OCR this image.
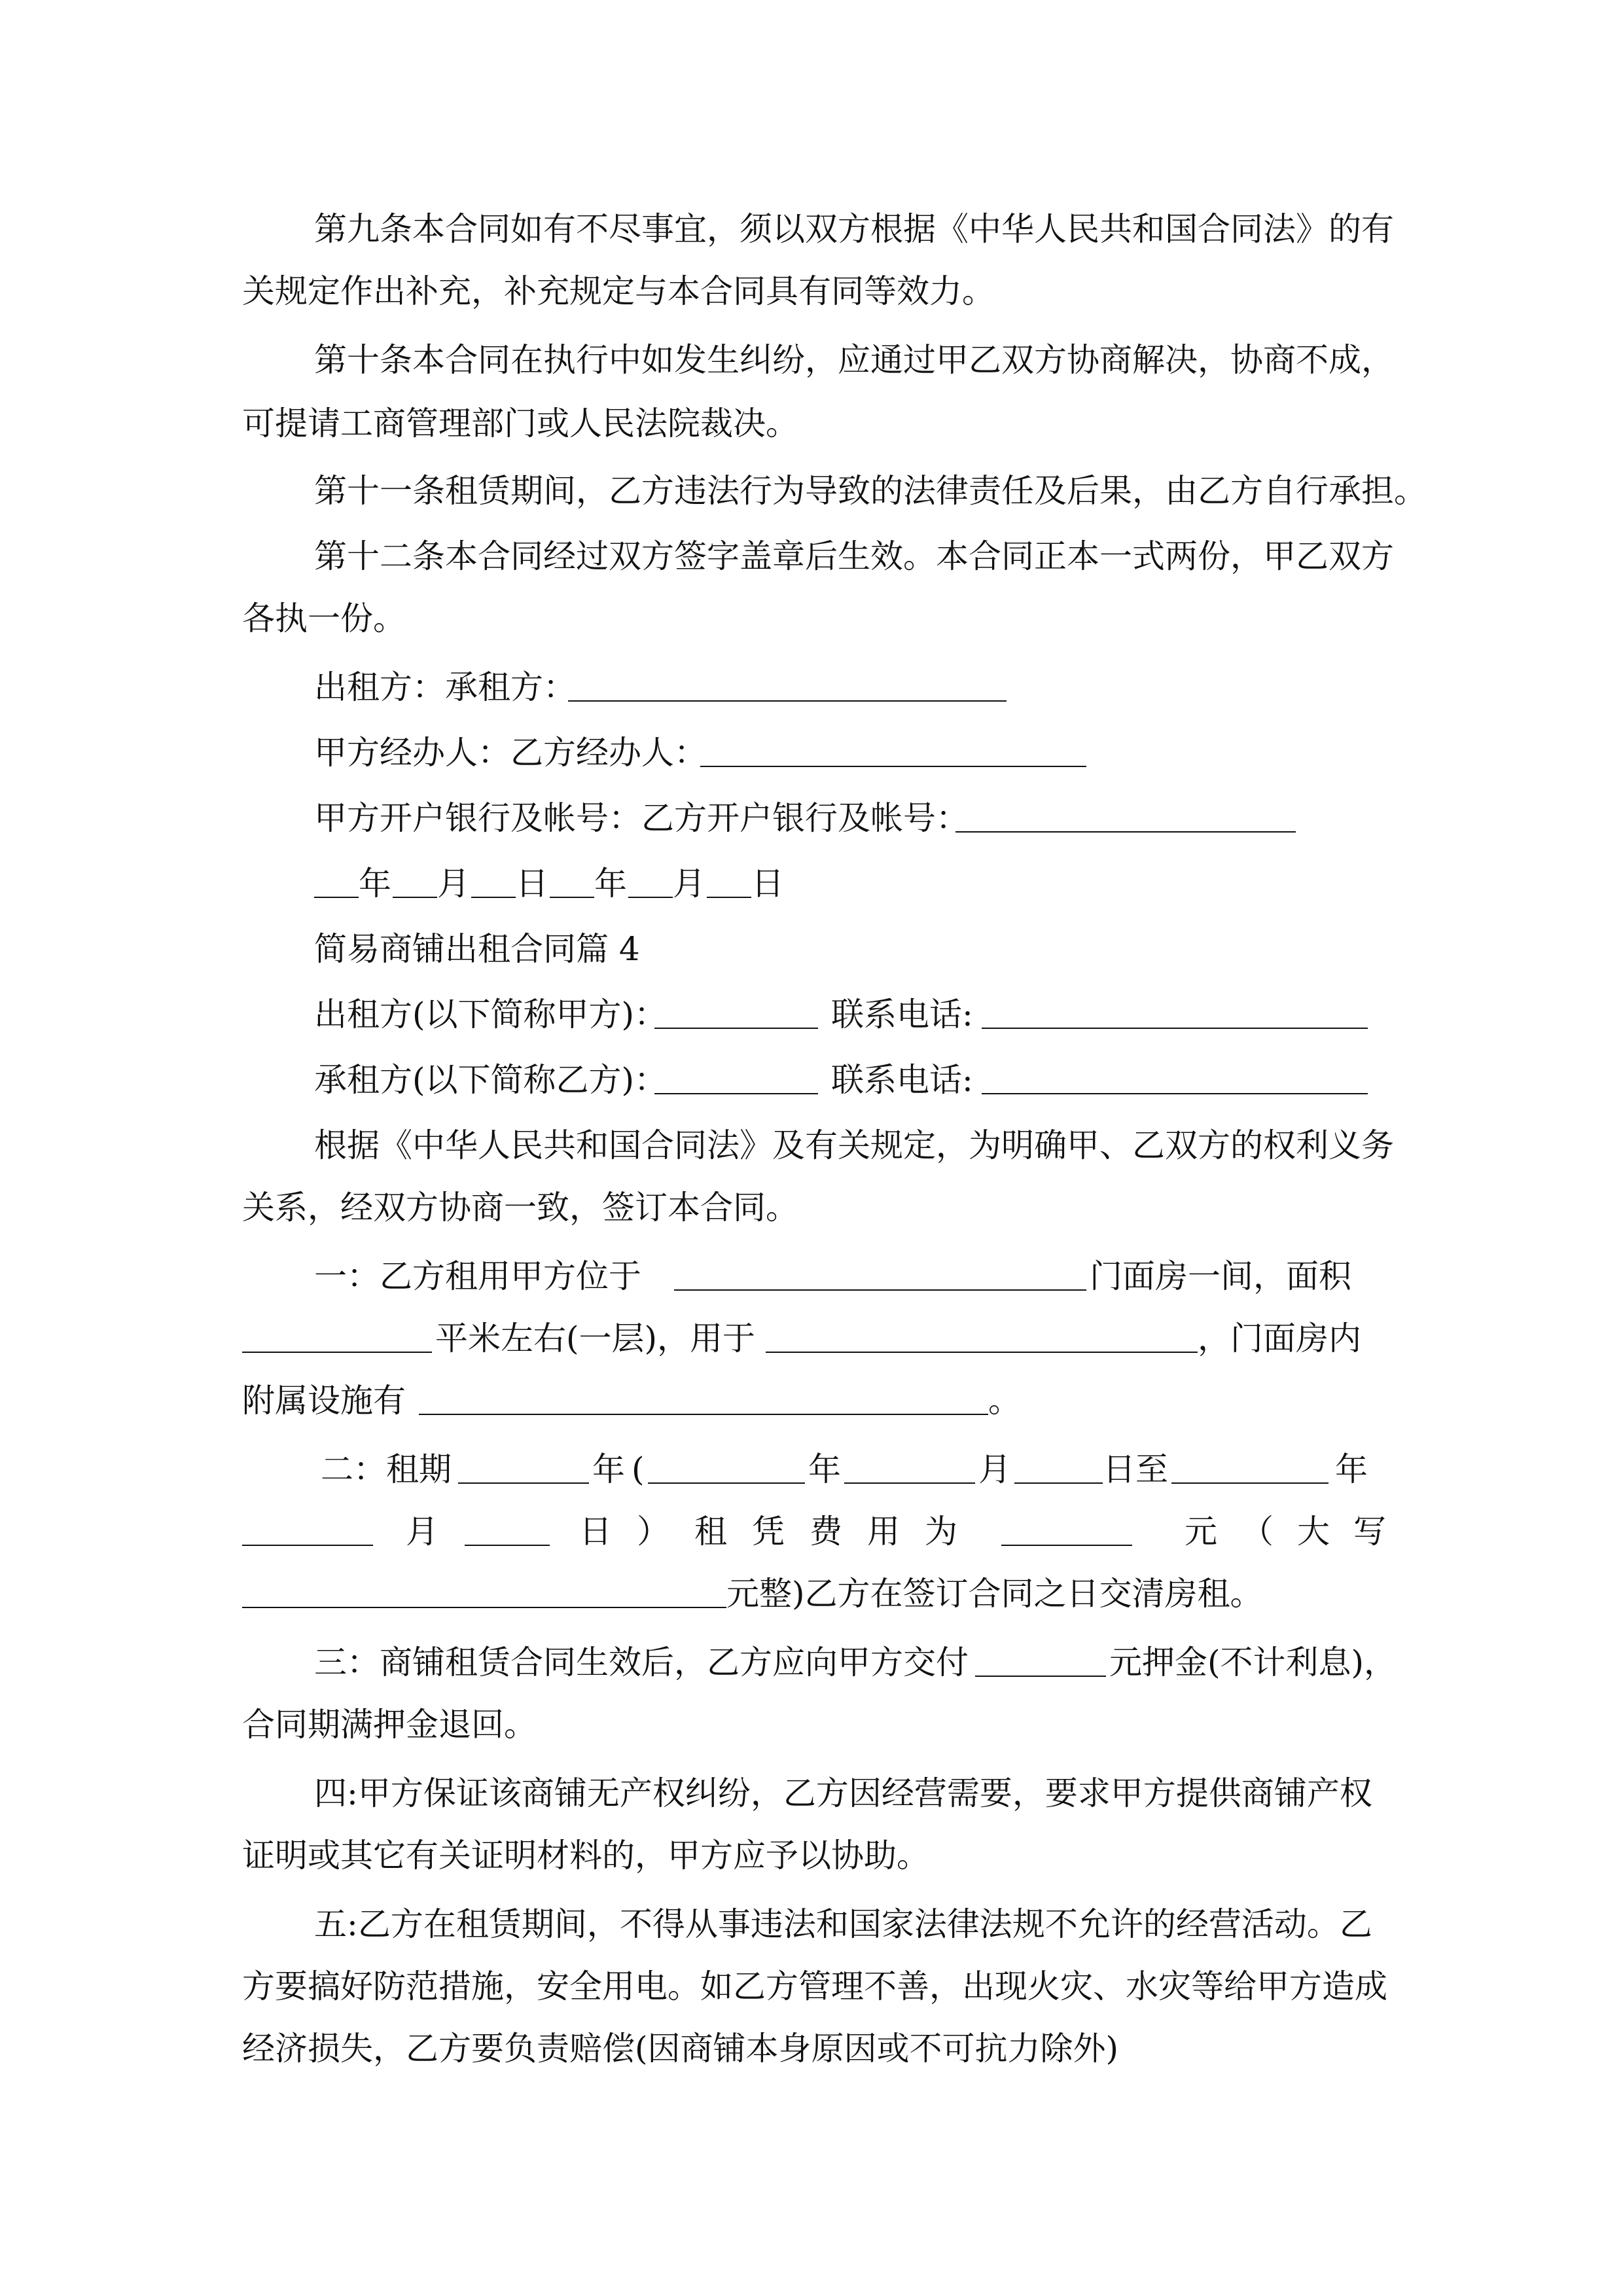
第九条本合同如有不尽事宜，须以双方根据《中华人民共和国合同法》的有
关规定作出补充，补充规定与本合同具有同等效力。
第十条本合同在执行中如发生纠纷，应通过甲乙双方协商解决，协商不成，
可提请工商管理部门或人民法院裁决。
第十一条租赁期间，乙方违法行为导致的法律责任及后果，由乙方自行承担。
第十二条本合同经过双方签字盖章后生效。本合同正本一式两份，甲乙双方
各执一份。
出租方：承租方：
甲方经办人：乙方经办人：
甲方开户银行及帐号：乙方开户银行及帐号：
年 月 日 年 月 日
简易商铺出租合同篇 4
出租方(以下简称甲方)：	联系电话:
承租方(以下简称乙方)：	联系电话:
根据《中华人民共和国合同法》及有关规定，为明确甲、乙双方的权利义务
关系，经双方协商一致，签订本合同。
一：乙方租用甲方位于	门面房一间，面积
平米左右(一层)，用于	，门面房内
附属设施有	。
二：租期	年 (	年	月	日至	年
月	日）租凭费用为	元（大写
元整)乙方在签订合同之日交清房租。
三：商铺租赁合同生效后，乙方应向甲方交付	元押金(不计利息)，
合同期满押金退回。
四:甲方保证该商铺无产权纠纷，乙方因经营需要，要求甲方提供商铺产权
证明或其它有关证明材料的，甲方应予以协助。
五:乙方在租赁期间，不得从事违法和国家法律法规不允许的经营活动。乙
方要搞好防范措施，安全用电。如乙方管理不善，出现火灾、水灾等给甲方造成
经济损失，乙方要负责赔偿(因商铺本身原因或不可抗力除外)
